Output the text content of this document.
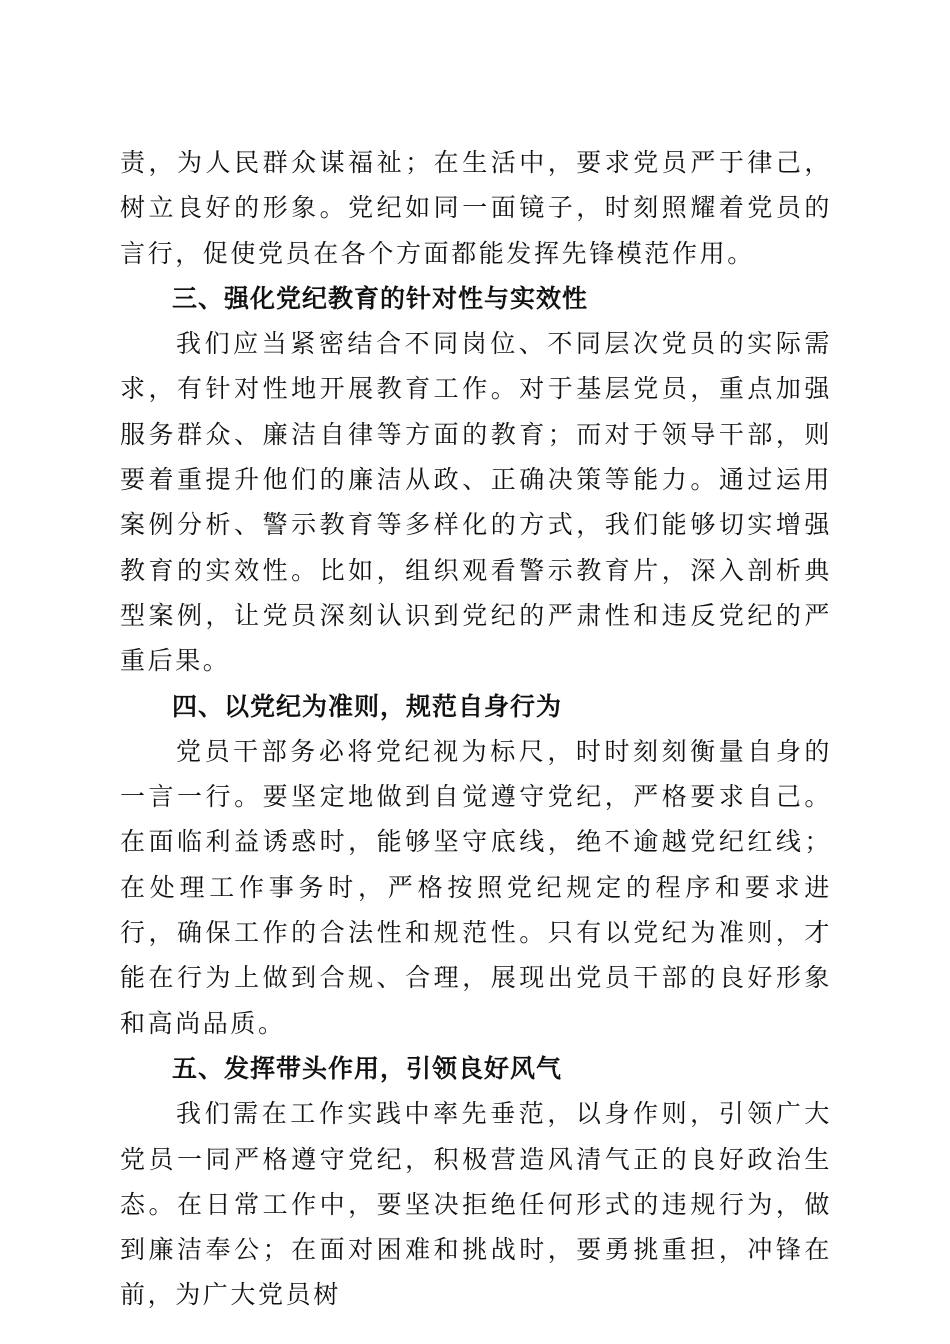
责，为人民群众谋福祉；在生活中，要求党员严于律己，树立良好的形象。党纪如同一面镜子，时刻照耀着党员的言行，促使党员在各个方面都能发挥先锋模范作用。

三、强化党纪教育的针对性与实效性

我们应当紧密结合不同岗位、不同层次党员的实际需求，有针对性地开展教育工作。对于基层党员，重点加强服务群众、廉洁自律等方面的教育；而对于领导干部，则要着重提升他们的廉洁从政、正确决策等能力。通过运用案例分析、警示教育等多样化的方式，我们能够切实增强教育的实效性。比如，组织观看警示教育片，深入剖析典型案例，让党员深刻认识到党纪的严肃性和违反党纪的严重后果。

四、以党纪为准则，规范自身行为

党员干部务必将党纪视为标尺，时时刻刻衡量自身的一言一行。要坚定地做到自觉遵守党纪，严格要求自己。在面临利益诱惑时，能够坚守底线，绝不逾越党纪红线；在处理工作事务时，严格按照党纪规定的程序和要求进行，确保工作的合法性和规范性。只有以党纪为准则，才能在行为上做到合规、合理，展现出党员干部的良好形象和高尚品质。

五、发挥带头作用，引领良好风气

我们需在工作实践中率先垂范，以身作则，引领广大党员一同严格遵守党纪，积极营造风清气正的良好政治生态。在日常工作中，要坚决拒绝任何形式的违规行为，做到廉洁奉公；在面对困难和挑战时，要勇挑重担，冲锋在前，为广大党员树
